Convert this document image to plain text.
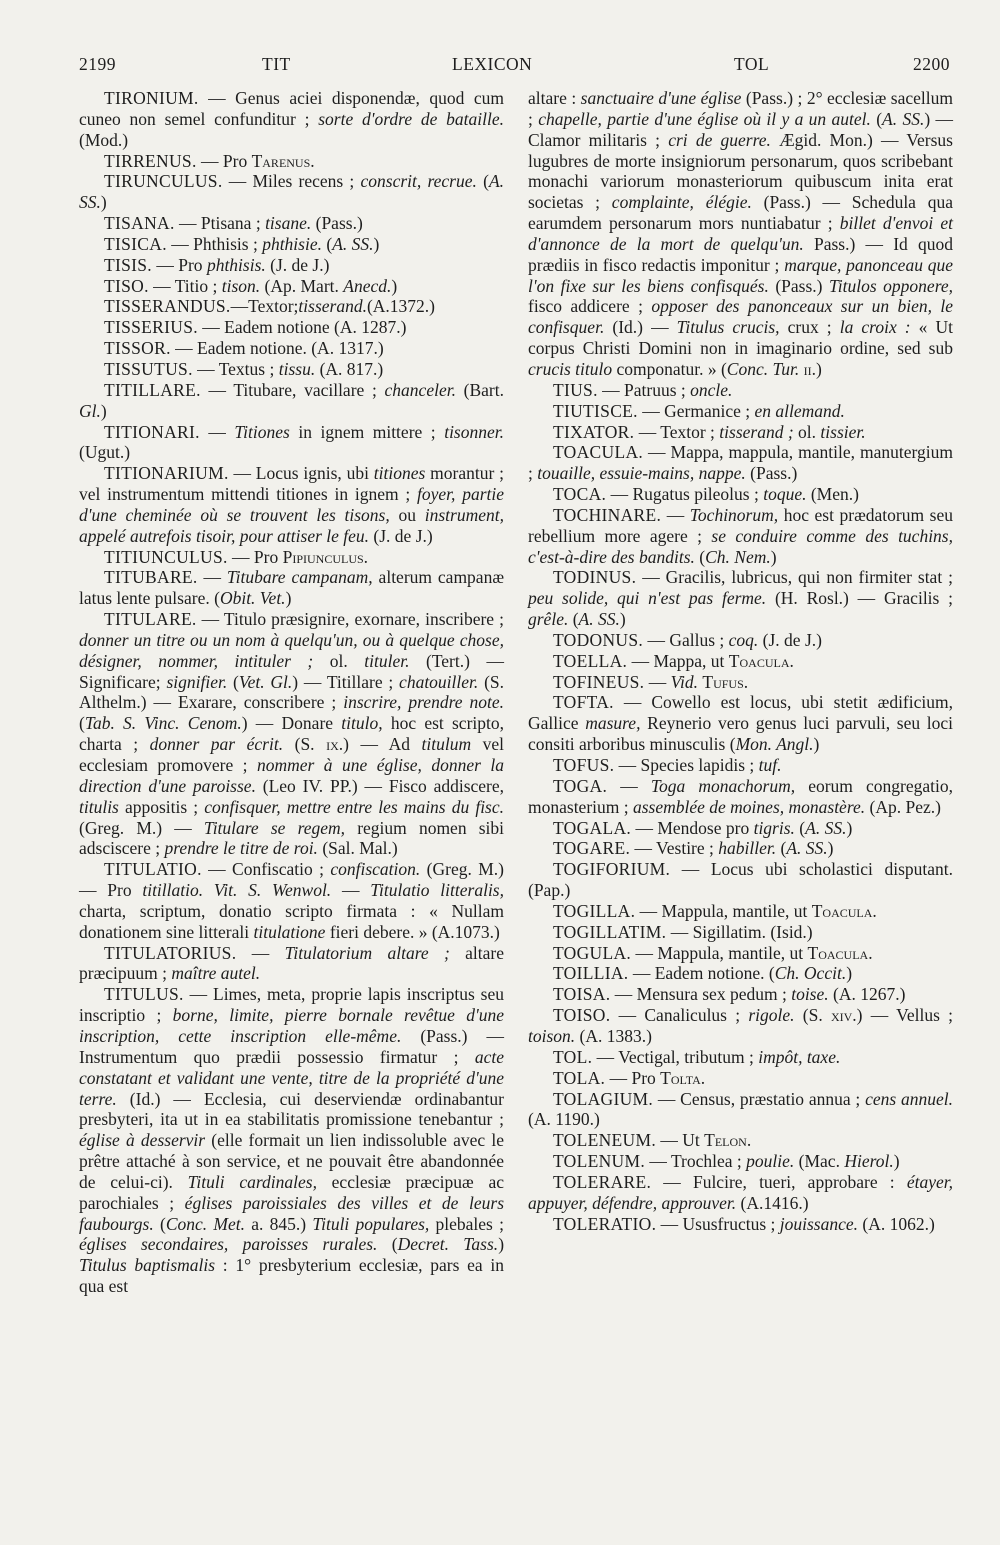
2199	TIT	LEXICON	TOL	2200

TIRONIUM. — Genus aciei disponendæ, quod cum cuneo non semel confunditur ; sorte d'ordre de bataille. (Mod.)

TIRRENUS. — Pro Tarenus.

TIRUNCULUS. — Miles recens ; conscrit, recrue. (A. SS.)

TISANA. — Ptisana ; tisane. (Pass.)

TISICA. — Phthisis ; phthisie. (A. SS.)

TISIS. — Pro phthisis. (J. de J.)

TISO. — Titio ; tison. (Ap. Mart. Anecd.)

TISSERANDUS.—Textor;tisserand.(A.1372.)

TISSERIUS. — Eadem notione (A. 1287.)

TISSOR. — Eadem notione. (A. 1317.)

TISSUTUS. — Textus ; tissu. (A. 817.)

TITILLARE. — Titubare, vacillare ; chanceler. (Bart. Gl.)

TITIONARI. — Titiones in ignem mittere ; tisonner. (Ugut.)

TITIONARIUM. — Locus ignis, ubi titiones morantur ; vel instrumentum mittendi titiones in ignem ; foyer, partie d'une cheminée où se trouvent les tisons, ou instrument, appelé autrefois tisoir, pour attiser le feu. (J. de J.)

TITIUNCULUS. — Pro Pipiunculus.

TITUBARE. — Titubare campanam, alterum campanæ latus lente pulsare. (Obit. Vet.)

TITULARE. — Titulo præsignire, exornare, inscribere ; donner un titre ou un nom à quelqu'un, ou à quelque chose, désigner, nommer, intituler ; ol. tituler. (Tert.) — Significare; signifier. (Vet. Gl.) — Titillare ; chatouiller. (S. Althelm.) — Exarare, conscribere ; inscrire, prendre note. (Tab. S. Vinc. Cenom.) — Donare titulo, hoc est scripto, charta ; donner par écrit. (S. ix.) — Ad titulum vel ecclesiam promovere ; nommer à une église, donner la direction d'une paroisse. (Leo IV. PP.) — Fisco addiscere, titulis appositis ; confisquer, mettre entre les mains du fisc. (Greg. M.) — Titulare se regem, regium nomen sibi adsciscere ; prendre le titre de roi. (Sal. Mal.)

TITULATIO. — Confiscatio ; confiscation. (Greg. M.) — Pro titillatio. Vit. S. Wenwol. — Titulatio litteralis, charta, scriptum, donatio scripto firmata : « Nullam donationem sine litterali titulatione fieri debere. » (A.1073.)

TITULATORIUS. — Titulatorium altare ; altare præcipuum ; maître autel.

TITULUS. — Limes, meta, proprie lapis inscriptus seu inscriptio ; borne, limite, pierre bornale revêtue d'une inscription, cette inscription elle-même. (Pass.) — Instrumentum quo prædii possessio firmatur ; acte constatant et validant une vente, titre de la propriété d'une terre. (Id.) — Ecclesia, cui deserviendæ ordinabantur presbyteri, ita ut in ea stabilitatis promissione tenebantur ; église à desservir (elle formait un lien indissoluble avec le prêtre attaché à son service, et ne pouvait être abandonnée de celui-ci). Tituli cardinales, ecclesiæ præcipuæ ac parochiales ; églises paroissiales des villes et de leurs faubourgs. (Conc. Met. a. 845.) Tituli populares, plebales ; églises secondaires, paroisses rurales. (Decret. Tass.) Titulus baptismalis : 1° presbyterium ecclesiæ, pars ea in qua est

altare : sanctuaire d'une église (Pass.) ; 2° ecclesiæ sacellum ; chapelle, partie d'une église où il y a un autel. (A. SS.) — Clamor militaris ; cri de guerre. Ægid. Mon.) — Versus lugubres de morte insigniorum personarum, quos scribebant monachi variorum monasteriorum quibuscum inita erat societas ; complainte, élégie. (Pass.) — Schedula qua earumdem personarum mors nuntiabatur ; billet d'envoi et d'annonce de la mort de quelqu'un. Pass.) — Id quod prædiis in fisco redactis imponitur ; marque, panonceau que l'on fixe sur les biens confisqués. (Pass.) Titulos opponere, fisco addicere ; opposer des panonceaux sur un bien, le confisquer. (Id.) — Titulus crucis, crux ; la croix : « Ut corpus Christi Domini non in imaginario ordine, sed sub crucis titulo componatur. » (Conc. Tur. ii.)

TIUS. — Patruus ; oncle.

TIUTISCE. — Germanice ; en allemand.

TIXATOR. — Textor ; tisserand ; ol. tissier.

TOACULA. — Mappa, mappula, mantile, manutergium ; touaille, essuie-mains, nappe. (Pass.)

TOCA. — Rugatus pileolus ; toque. (Men.)

TOCHINARE. — Tochinorum, hoc est prædatorum seu rebellium more agere ; se conduire comme des tuchins, c'est-à-dire des bandits. (Ch. Nem.)

TODINUS. — Gracilis, lubricus, qui non firmiter stat ; peu solide, qui n'est pas ferme. (H. Rosl.) — Gracilis ; grêle. (A. SS.)

TODONUS. — Gallus ; coq. (J. de J.)

TOELLA. — Mappa, ut Toacula.

TOFINEUS. — Vid. Tufus.

TOFTA. — Cowello est locus, ubi stetit ædificium, Gallice masure, Reynerio vero genus luci parvuli, seu loci consiti arboribus minusculis (Mon. Angl.)

TOFUS. — Species lapidis ; tuf.

TOGA. — Toga monachorum, eorum congregatio, monasterium ; assemblée de moines, monastère. (Ap. Pez.)

TOGALA. — Mendose pro tigris. (A. SS.)

TOGARE. — Vestire ; habiller. (A. SS.)

TOGIFORIUM. — Locus ubi scholastici disputant. (Pap.)

TOGILLA. — Mappula, mantile, ut Toacula.

TOGILLATIM. — Sigillatim. (Isid.)

TOGULA. — Mappula, mantile, ut Toacula.

TOILLIA. — Eadem notione. (Ch. Occit.)

TOISA. — Mensura sex pedum ; toise. (A. 1267.)

TOISO. — Canaliculus ; rigole. (S. xiv.) — Vellus ; toison. (A. 1383.)

TOL. — Vectigal, tributum ; impôt, taxe.

TOLA. — Pro Tolta.

TOLAGIUM. — Census, præstatio annua ; cens annuel. (A. 1190.)

TOLENEUM. — Ut Telon.

TOLENUM. — Trochlea ; poulie. (Mac. Hierol.)

TOLERARE. — Fulcire, tueri, approbare : étayer, appuyer, défendre, approuver. (A.1416.)

TOLERATIO. — Ususfructus ; jouissance. (A. 1062.)
